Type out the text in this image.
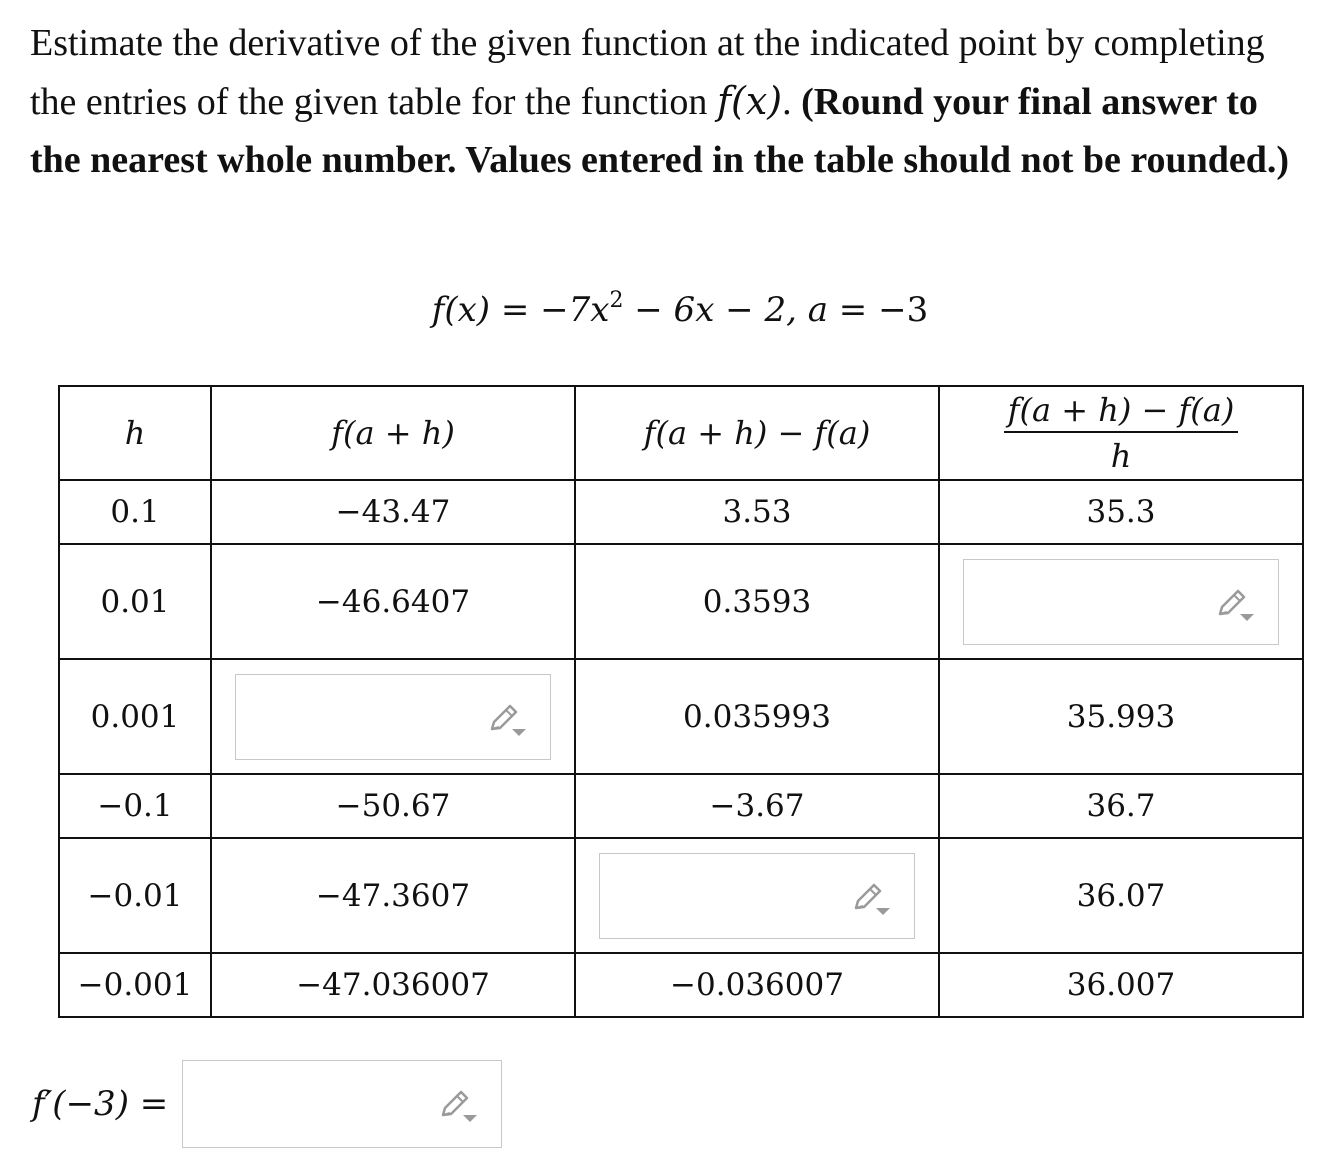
Estimate the derivative of the given function at the indicated point by completing the entries of the given table for the function f(x). (Round your final answer to the nearest whole number. Values entered in the table should not be rounded.)
$f(x) = -7x^2 - 6x - 2$, a = −3
h	f(a + h)	f(a + h) − f(a)	$\frac{f(a + h) - f(a)}{h}$

0.1	−43.47	3.53	35.3
0.01	−46.6407	0.3593	

0.001		0.035993	35.993
−0.1	−50.67	−3.67	36.7
−0.01	−47.3607		36.07
−0.001	−47.036007	−0.036007	36.007
f′(−3) =
